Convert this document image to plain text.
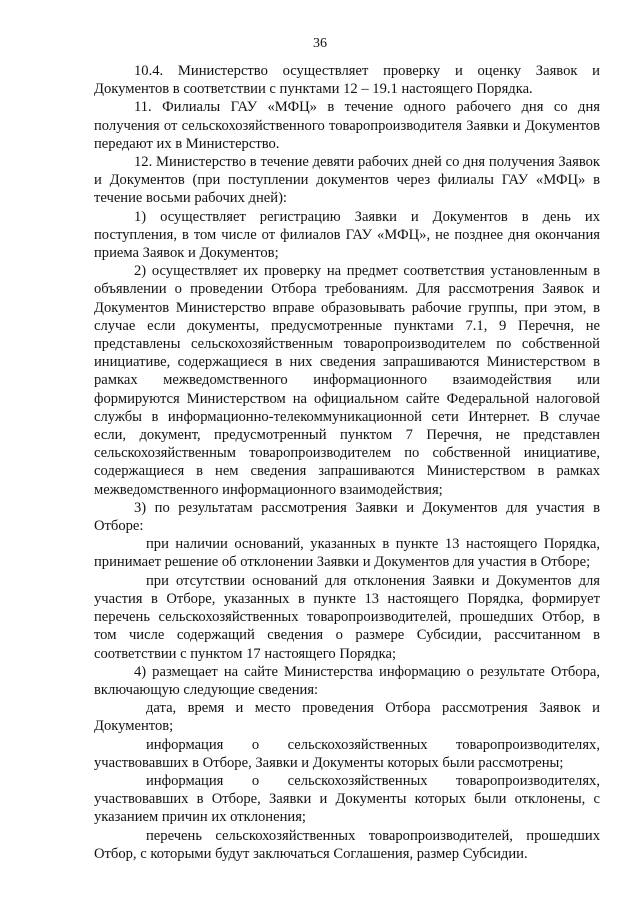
36

10.4. Министерство осуществляет проверку и оценку Заявок и Документов в соответствии с пунктами 12 – 19.1 настоящего Порядка.

11. Филиалы ГАУ «МФЦ» в течение одного рабочего дня со дня получения от сельскохозяйственного товаропроизводителя Заявки и Документов передают их в Министерство.

12. Министерство в течение девяти рабочих дней со дня получения Заявок и Документов (при поступлении документов через филиалы ГАУ «МФЦ» в течение восьми рабочих дней):

1) осуществляет регистрацию Заявки и Документов в день их поступления, в том числе от филиалов ГАУ «МФЦ», не позднее дня окончания приема Заявок и Документов;

2) осуществляет их проверку на предмет соответствия установленным в объявлении о проведении Отбора требованиям. Для рассмотрения Заявок и Документов Министерство вправе образовывать рабочие группы, при этом, в случае если документы, предусмотренные пунктами 7.1, 9 Перечня, не представлены сельскохозяйственным товаропроизводителем по собственной инициативе, содержащиеся в них сведения запрашиваются Министерством в рамках межведомственного информационного взаимодействия или формируются Министерством на официальном сайте Федеральной налоговой службы в информационно-телекоммуникационной сети Интернет. В случае если, документ, предусмотренный пунктом 7 Перечня, не представлен сельскохозяйственным товаропроизводителем по собственной инициативе, содержащиеся в нем сведения запрашиваются Министерством в рамках межведомственного информационного взаимодействия;

3) по результатам рассмотрения Заявки и Документов для участия в Отборе:

при наличии оснований, указанных в пункте 13 настоящего Порядка, принимает решение об отклонении Заявки и Документов для участия в Отборе;

при отсутствии оснований для отклонения Заявки и Документов для участия в Отборе, указанных в пункте 13 настоящего Порядка, формирует перечень сельскохозяйственных товаропроизводителей, прошедших Отбор, в том числе содержащий сведения о размере Субсидии, рассчитанном в соответствии с пунктом 17 настоящего Порядка;

4) размещает на сайте Министерства информацию о результате Отбора, включающую следующие сведения:

дата, время и место проведения Отбора рассмотрения Заявок и Документов;

информация о сельскохозяйственных товаропроизводителях, участвовавших в Отборе, Заявки и Документы которых были рассмотрены;

информация о сельскохозяйственных товаропроизводителях, участвовавших в Отборе, Заявки и Документы которых были отклонены, с указанием причин их отклонения;

перечень сельскохозяйственных товаропроизводителей, прошедших Отбор, с которыми будут заключаться Соглашения, размер Субсидии.
